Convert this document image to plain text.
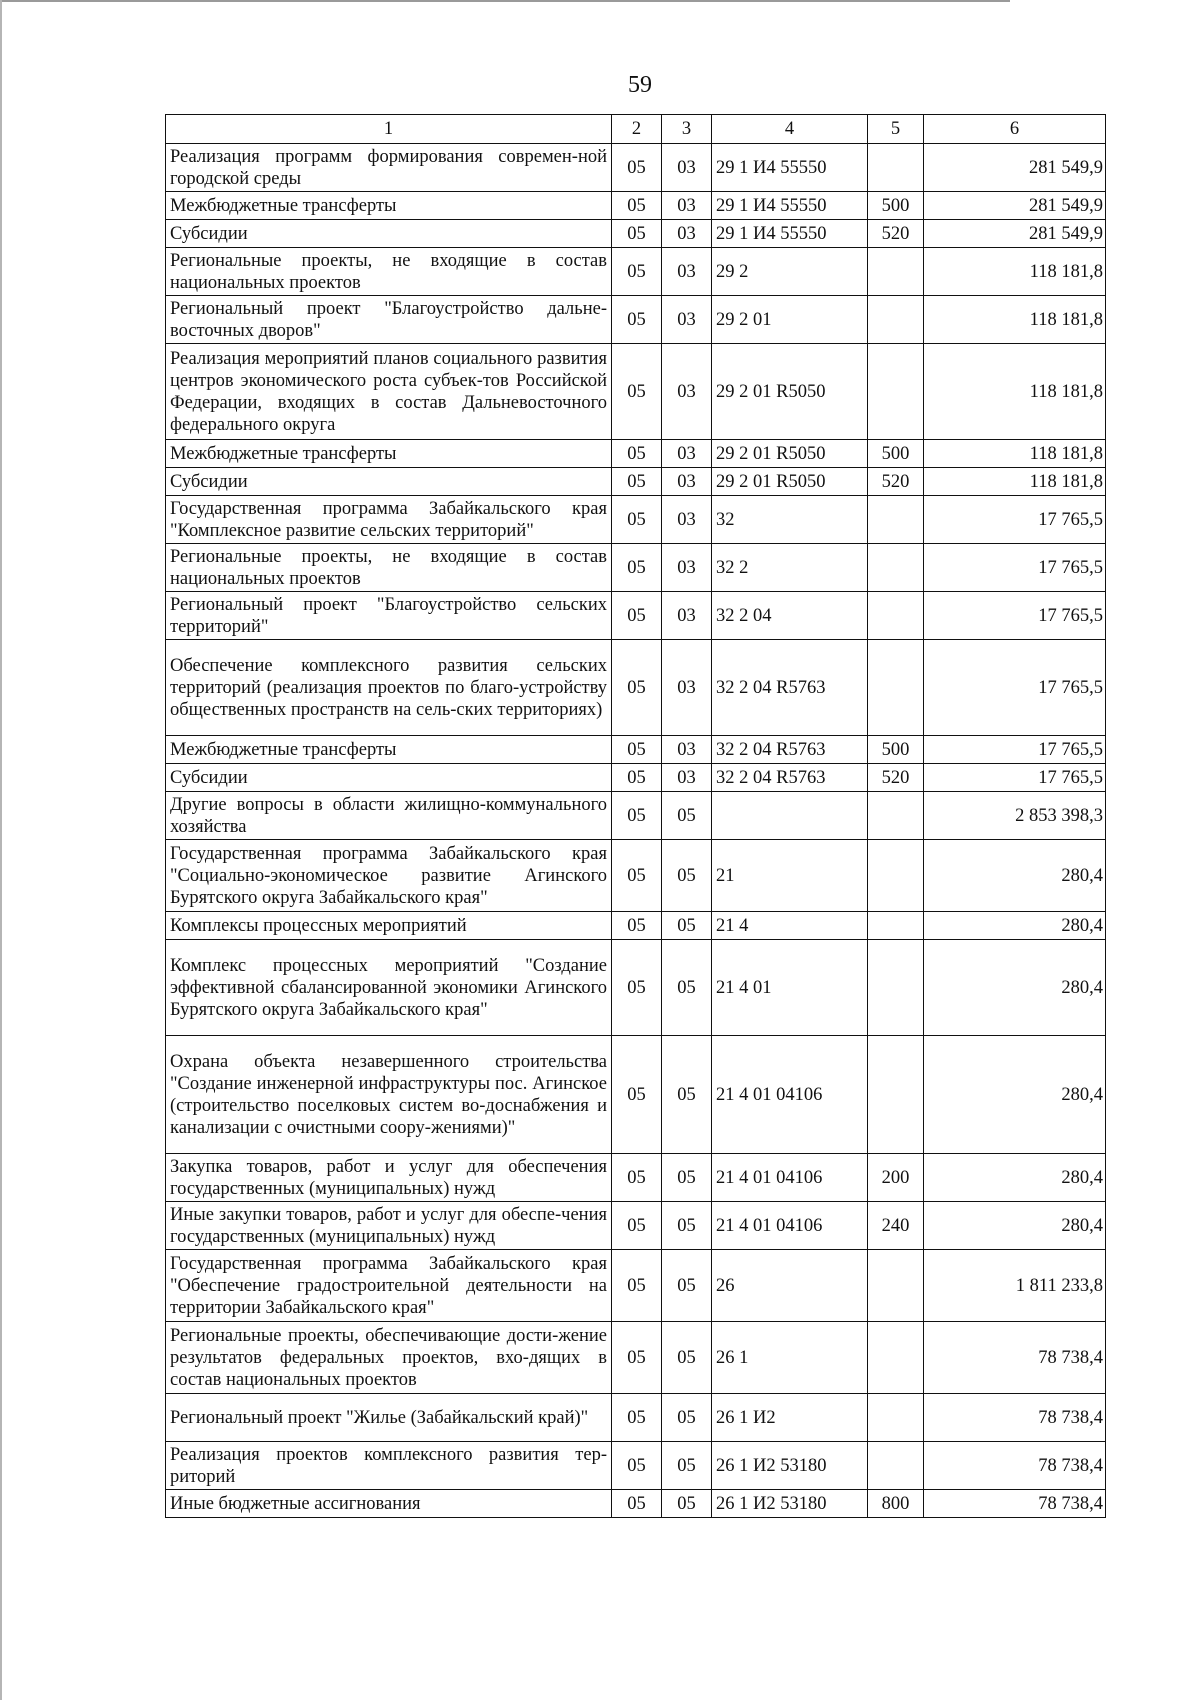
59
1	2	3	4	5	6
Реализация программ формирования современ-ной городской среды	05	03	29 1 И4 55550		281 549,9
Межбюджетные трансферты	05	03	29 1 И4 55550	500	281 549,9
Субсидии	05	03	29 1 И4 55550	520	281 549,9
Региональные проекты, не входящие в состав национальных проектов	05	03	29 2		118 181,8
Региональный проект "Благоустройство дальне-восточных дворов"	05	03	29 2 01		118 181,8
Реализация мероприятий планов социального развития центров экономического роста субъек-тов Российской Федерации, входящих в состав Дальневосточного федерального округа	05	03	29 2 01 R5050		118 181,8
Межбюджетные трансферты	05	03	29 2 01 R5050	500	118 181,8
Субсидии	05	03	29 2 01 R5050	520	118 181,8
Государственная программа Забайкальского края "Комплексное развитие сельских территорий"	05	03	32		17 765,5
Региональные проекты, не входящие в состав национальных проектов	05	03	32 2		17 765,5
Региональный проект "Благоустройство сельских территорий"	05	03	32 2 04		17 765,5
Обеспечение комплексного развития сельских территорий (реализация проектов по благо-устройству общественных пространств на сель-ских территориях)	05	03	32 2 04 R5763		17 765,5
Межбюджетные трансферты	05	03	32 2 04 R5763	500	17 765,5
Субсидии	05	03	32 2 04 R5763	520	17 765,5
Другие вопросы в области жилищно-коммунального хозяйства	05	05			2 853 398,3
Государственная программа Забайкальского края "Социально-экономическое развитие Агинского Бурятского округа Забайкальского края"	05	05	21		280,4
Комплексы процессных мероприятий	05	05	21 4		280,4
Комплекс процессных мероприятий "Создание эффективной сбалансированной экономики Агинского Бурятского округа Забайкальского края"	05	05	21 4 01		280,4
Охрана объекта незавершенного строительства "Создание инженерной инфраструктуры пос. Агинское (строительство поселковых систем во-доснабжения и канализации с очистными соору-жениями)"	05	05	21 4 01 04106		280,4
Закупка товаров, работ и услуг для обеспечения государственных (муниципальных) нужд	05	05	21 4 01 04106	200	280,4
Иные закупки товаров, работ и услуг для обеспе-чения государственных (муниципальных) нужд	05	05	21 4 01 04106	240	280,4
Государственная программа Забайкальского края "Обеспечение градостроительной деятельности на территории Забайкальского края"	05	05	26		1 811 233,8
Региональные проекты, обеспечивающие дости-жение результатов федеральных проектов, вхо-дящих в состав национальных проектов	05	05	26 1		78 738,4
Региональный проект "Жилье (Забайкальский край)"	05	05	26 1 И2		78 738,4
Реализация проектов комплексного развития тер-риторий	05	05	26 1 И2 53180		78 738,4
Иные бюджетные ассигнования	05	05	26 1 И2 53180	800	78 738,4
